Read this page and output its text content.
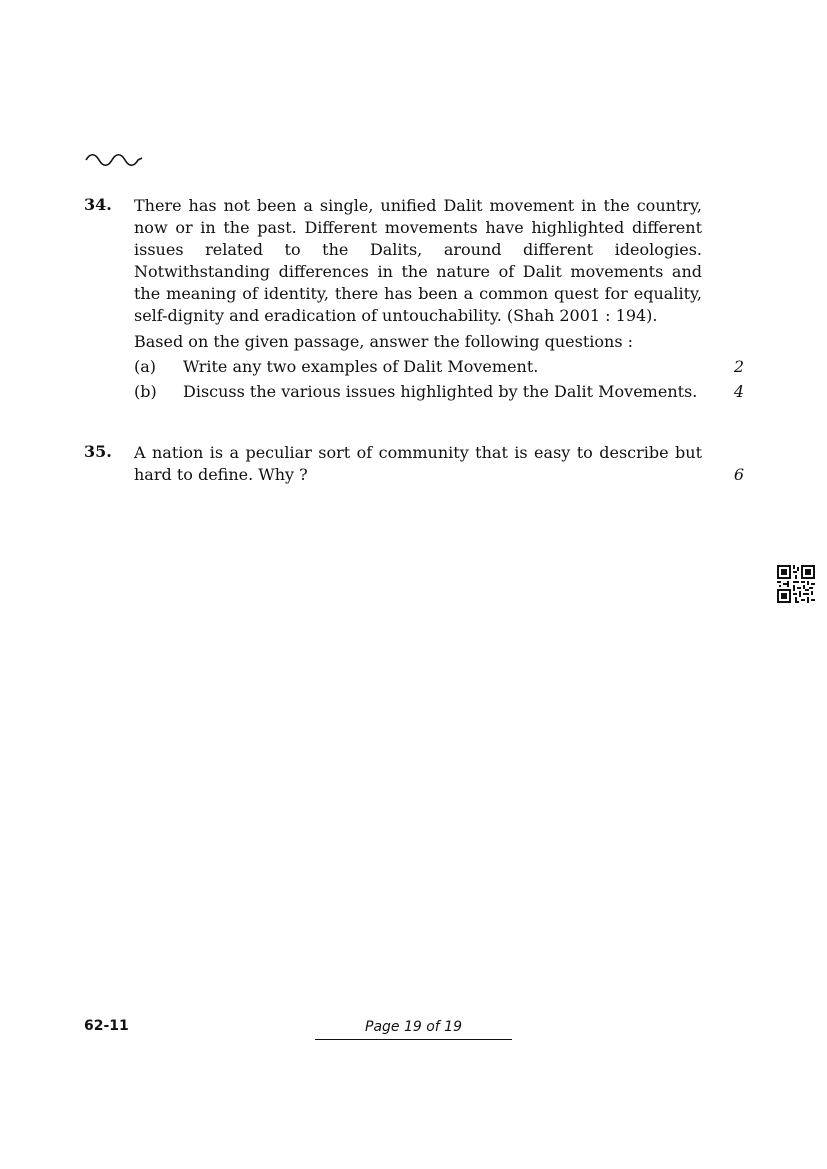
34. There has not been a single, unified Dalit movement in the country, now or in the past. Different movements have highlighted different issues related to the Dalits, around different ideologies. Notwithstanding differences in the nature of Dalit movements and the meaning of identity, there has been a common quest for equality, self-dignity and eradication of untouchability. (Shah 2001 : 194).
Based on the given passage, answer the following questions :
(a) Write any two examples of Dalit Movement.	2
(b) Discuss the various issues highlighted by the Dalit Movements. 4
35. A nation is a peculiar sort of community that is easy to describe but hard to define. Why ?	6
62-11	Page 19 of 19
